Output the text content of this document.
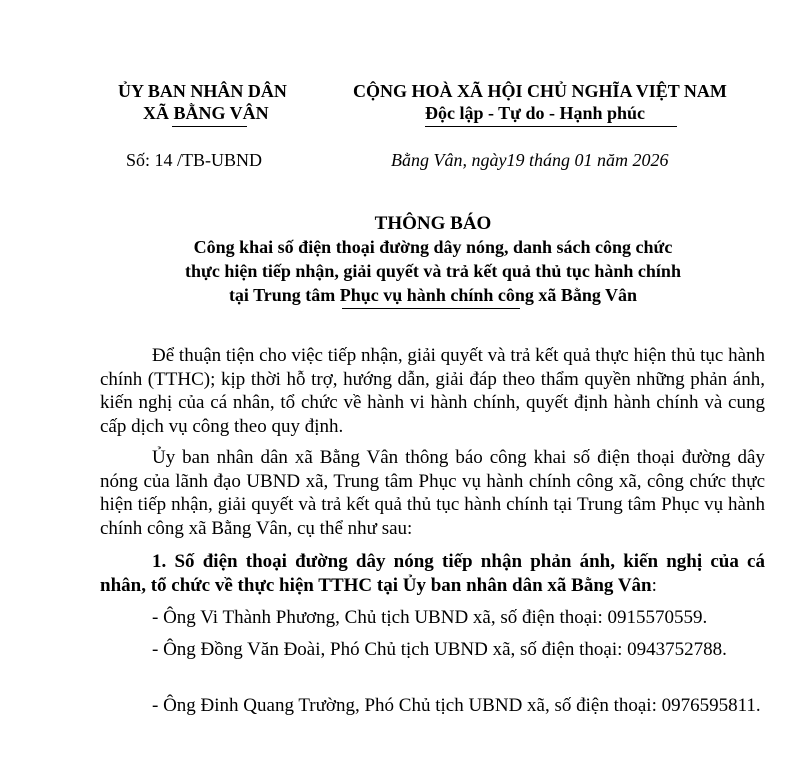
ỦY BAN NHÂN DÂN
XÃ BẰNG VÂN
Số: 14 /TB-UBND
CỘNG HOÀ XÃ HỘI CHỦ NGHĨA VIỆT NAM
Độc lập - Tự do - Hạnh phúc
Bằng Vân, ngày19 tháng 01 năm 2026
THÔNG BÁO
Công khai số điện thoại đường dây nóng, danh sách công chức
thực hiện tiếp nhận, giải quyết và trả kết quả thủ tục hành chính
tại Trung tâm Phục vụ hành chính công xã Bằng Vân
Để thuận tiện cho việc tiếp nhận, giải quyết và trả kết quả thực hiện thủ tục hành chính (TTHC); kịp thời hỗ trợ, hướng dẫn, giải đáp theo thẩm quyền những phản ánh, kiến nghị của cá nhân, tổ chức về hành vi hành chính, quyết định hành chính và cung cấp dịch vụ công theo quy định.
Ủy ban nhân dân xã Bằng Vân thông báo công khai số điện thoại đường dây nóng của lãnh đạo UBND xã, Trung tâm Phục vụ hành chính công xã, công chức thực hiện tiếp nhận, giải quyết và trả kết quả thủ tục hành chính tại Trung tâm Phục vụ hành chính công xã Bằng Vân, cụ thể như sau:
1. Số điện thoại đường dây nóng tiếp nhận phản ánh, kiến nghị của cá nhân, tổ chức về thực hiện TTHC tại Ủy ban nhân dân xã Bằng Vân:
- Ông Vi Thành Phương, Chủ tịch UBND xã, số điện thoại: 0915570559.
- Ông Đồng Văn Đoài, Phó Chủ tịch UBND xã, số điện thoại: 0943752788.
- Ông Đinh Quang Trường, Phó Chủ tịch UBND xã, số điện thoại: 0976595811.
